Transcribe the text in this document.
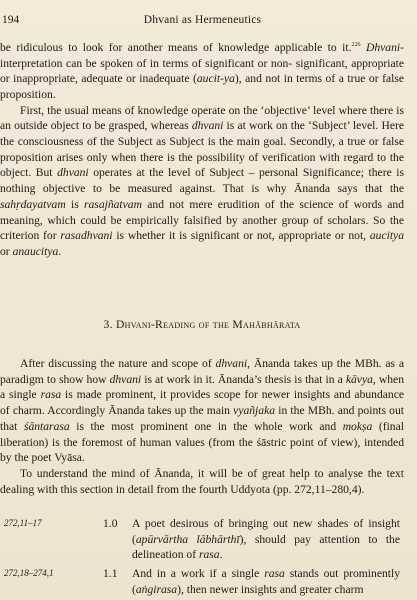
194	Dhvani as Hermeneutics

be ridiculous to look for another means of knowledge applicable to it.$^{226}$ Dhvani-interpretation can be spoken of in terms of significant or non- significant, appropriate or inappropriate, adequate or inadequate (aucit-ya), and not in terms of a true or false proposition.

First, the usual means of knowledge operate on the ‘objective’ level where there is an outside object to be grasped, whereas dhvani is at work on the ‘Subject’ level. Here the consciousness of the Subject as Subject is the main goal. Secondly, a true or false proposition arises only when there is the possibility of verification with regard to the object. But dhvani operates at the level of Subject – personal Significance; there is nothing objective to be measured against. That is why Ānanda says that the sahṛdayatvam is rasajñatvam and not mere erudition of the science of words and meaning, which could be empirically falsified by another group of scholars. So the criterion for rasadhvani is whether it is significant or not, appropriate or not, aucitya or anaucitya.

3. Dhvani-Reading of the Mahābhārata

After discussing the nature and scope of dhvani, Ānanda takes up the MBh. as a paradigm to show how dhvani is at work in it. Ānanda’s thesis is that in a kāvya, when a single rasa is made prominent, it provides scope for newer insights and abundance of charm. Accordingly Ānanda takes up the main vyañjaka in the MBh. and points out that śāntarasa is the most prominent one in the whole work and mokṣa (final liberation) is the foremost of human values (from the śāstric point of view), intended by the poet Vyāsa.

To understand the mind of Ānanda, it will be of great help to analyse the text dealing with this section in detail from the fourth Uddyota (pp. 272,11–280,4).

272,11–17	1.0 A poet desirous of bringing out new shades of insight (apūrvārtha lābhārthī), should pay attention to the delineation of rasa.
272,18–274,1	1.1 And in a work if a single rasa stands out prominently (aṅgirasa), then newer insights and greater charm
